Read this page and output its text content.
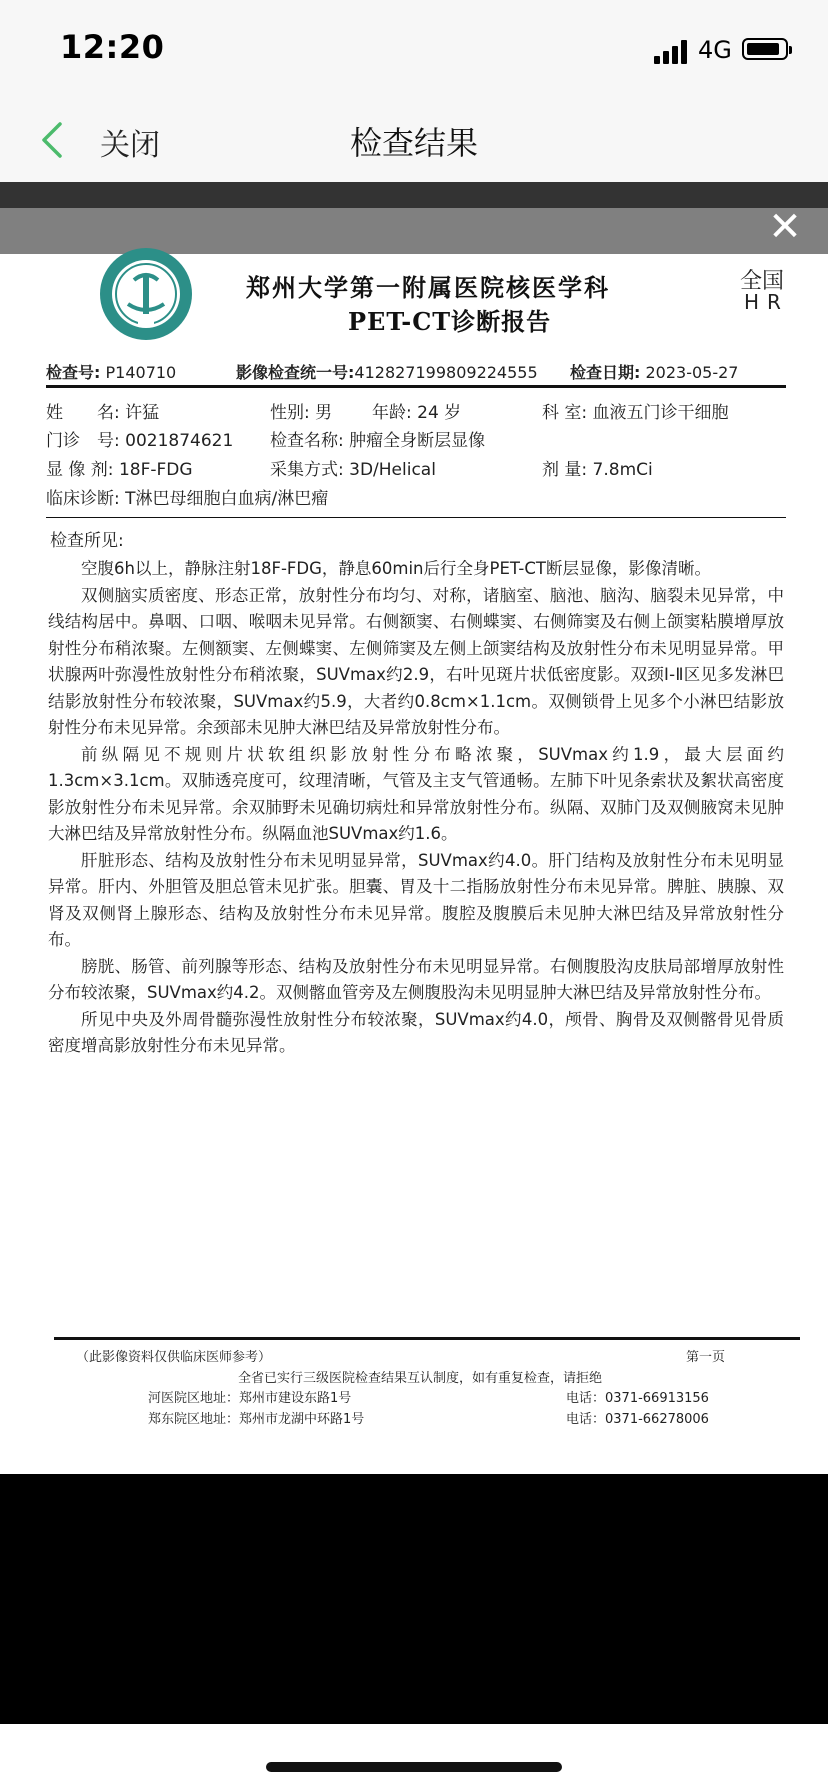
12:20	4G
关闭	检查结果
✕
郑州大学第一附属医院核医学科
PET-CT诊断报告
全国
HR
检查号: P140710	影像检查统一号:412827199809224555 检查日期: 2023-05-27
姓　　名: 许猛	性别: 男 年龄: 24 岁	科 室: 血液五门诊干细胞
门诊　号: 0021874621 检查名称: 肿瘤全身断层显像
显 像 剂: 18F-FDG	采集方式: 3D/Helical	剂 量: 7.8mCi
临床诊断: T淋巴母细胞白血病/淋巴瘤
检查所见:

空腹6h以上，静脉注射18F-FDG，静息60min后行全身PET-CT断层显像，影像清晰。

双侧脑实质密度、形态正常，放射性分布均匀、对称，诸脑室、脑池、脑沟、脑裂未见异常，中线结构居中。鼻咽、口咽、喉咽未见异常。右侧额窦、右侧蝶窦、右侧筛窦及右侧上颌窦粘膜增厚放射性分布稍浓聚。左侧额窦、左侧蝶窦、左侧筛窦及左侧上颌窦结构及放射性分布未见明显异常。甲状腺两叶弥漫性放射性分布稍浓聚，SUVmax约2.9，右叶见斑片状低密度影。双颈Ⅰ-Ⅱ区见多发淋巴结影放射性分布较浓聚，SUVmax约5.9，大者约0.8cm×1.1cm。双侧锁骨上见多个小淋巴结影放射性分布未见异常。余颈部未见肿大淋巴结及异常放射性分布。

前纵隔见不规则片状软组织影放射性分布略浓聚，SUVmax约1.9，最大层面约1.3cm×3.1cm。双肺透亮度可，纹理清晰，气管及主支气管通畅。左肺下叶见条索状及絮状高密度影放射性分布未见异常。余双肺野未见确切病灶和异常放射性分布。纵隔、双肺门及双侧腋窝未见肿大淋巴结及异常放射性分布。纵隔血池SUVmax约1.6。

肝脏形态、结构及放射性分布未见明显异常，SUVmax约4.0。肝门结构及放射性分布未见明显异常。肝内、外胆管及胆总管未见扩张。胆囊、胃及十二指肠放射性分布未见异常。脾脏、胰腺、双肾及双侧肾上腺形态、结构及放射性分布未见异常。腹腔及腹膜后未见肿大淋巴结及异常放射性分布。

膀胱、肠管、前列腺等形态、结构及放射性分布未见明显异常。右侧腹股沟皮肤局部增厚放射性分布较浓聚，SUVmax约4.2。双侧髂血管旁及左侧腹股沟未见明显肿大淋巴结及异常放射性分布。

所见中央及外周骨髓弥漫性放射性分布较浓聚，SUVmax约4.0，颅骨、胸骨及双侧髂骨见骨质密度增高影放射性分布未见异常。

（此影像资料仅供临床医师参考）	第一页
全省已实行三级医院检查结果互认制度，如有重复检查，请拒绝
河医院区地址：郑州市建设东路1号	电话：0371-66913156
郑东院区地址：郑州市龙湖中环路1号	电话：0371-66278006
